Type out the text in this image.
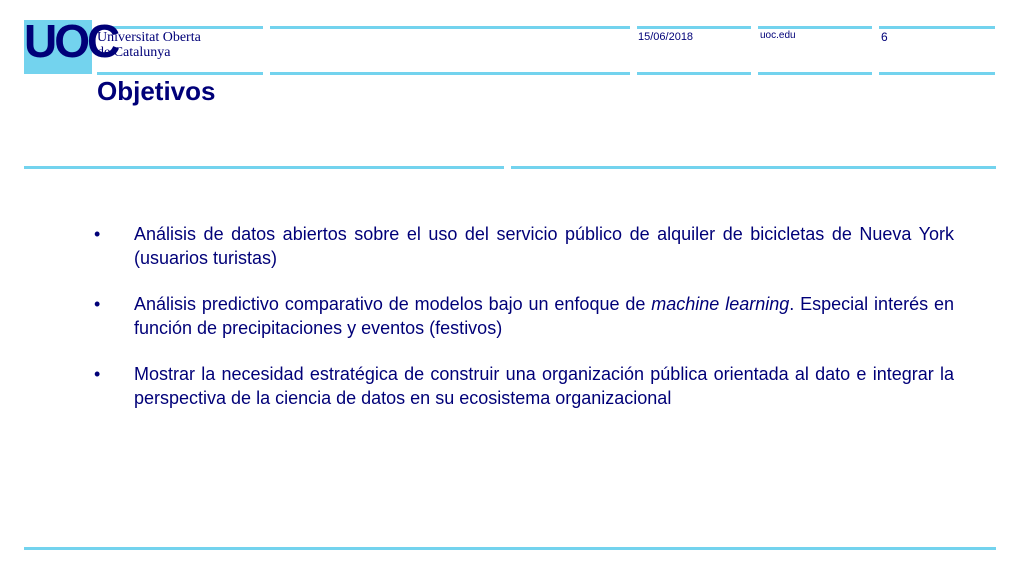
UOC
Universitat Oberta
de Catalunya
15/06/2018	uoc.edu	6
Objetivos
• Análisis de datos abiertos sobre el uso del servicio público de alquiler de bicicletas de Nueva York (usuarios turistas)
• Análisis predictivo comparativo de modelos bajo un enfoque de machine learning. Especial interés en función de precipitaciones y eventos (festivos)
• Mostrar la necesidad estratégica de construir una organización pública orientada al dato e integrar la perspectiva de la ciencia de datos en su ecosistema organizacional
